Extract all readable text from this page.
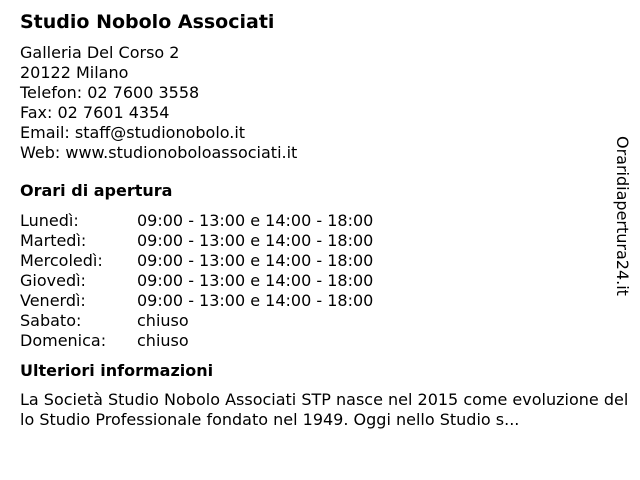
Studio Nobolo Associati
Galleria Del Corso 2
20122 Milano
Telefon: 02 7600 3558
Fax: 02 7601 4354
Email: staff@studionobolo.it
Web: www.studionoboloassociati.it
Orari di apertura
Lunedì:	09:00 - 13:00 e 14:00 - 18:00
Martedì:	09:00 - 13:00 e 14:00 - 18:00
Mercoledì: 09:00 - 13:00 e 14:00 - 18:00
Giovedì:	09:00 - 13:00 e 14:00 - 18:00
Venerdì:	09:00 - 13:00 e 14:00 - 18:00
Sabato:	chiuso
Domenica: chiuso
Ulteriori informazioni
La Società Studio Nobolo Associati STP nasce nel 2015 come evoluzione dello Studio Professionale fondato nel 1949. Oggi nello Studio s...
Oraridiapertura24.it
